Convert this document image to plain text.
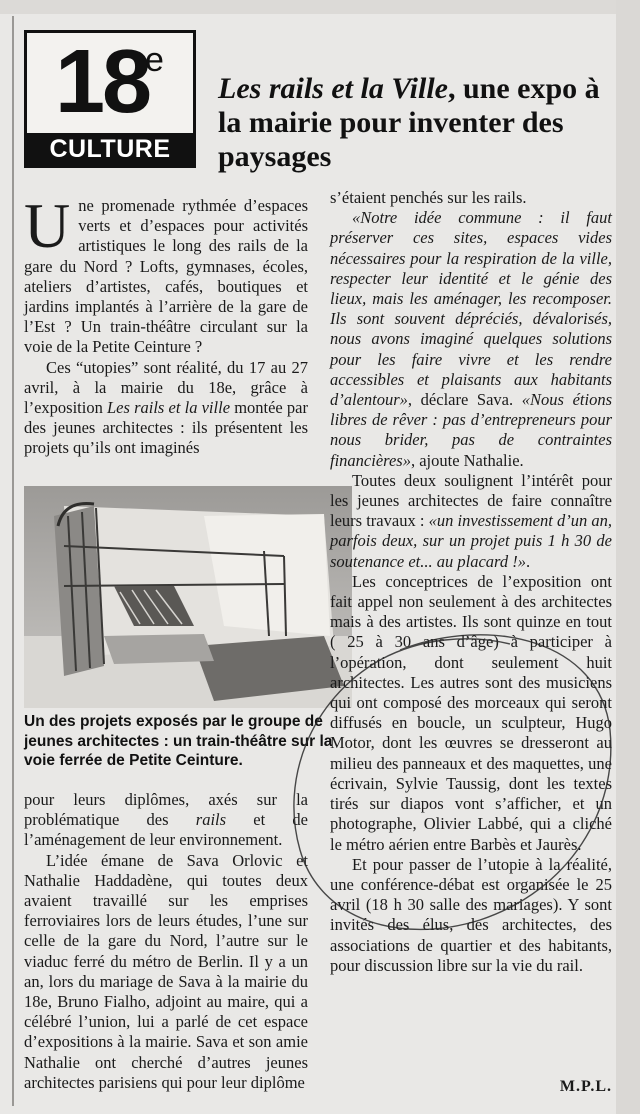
18
e
CULTURE
Les rails et la Ville, une expo à la mairie pour inventer des paysages

Une promenade rythmée d’espaces verts et d’espaces pour activités artistiques le long des rails de la gare du Nord ? Lofts, gymnases, écoles, ateliers d’artistes, cafés, boutiques et jardins implantés à l’arrière de la gare de l’Est ? Un train-théâtre circulant sur la voie de la Petite Ceinture ?

Ces “utopies” sont réalité, du 17 au 27 avril, à la mairie du 18e, grâce à l’exposition Les rails et la ville montée par des jeunes architectes : ils présentent les projets qu’ils ont imaginés

Un des projets exposés par le groupe de jeunes architectes : un train-théâtre sur la voie ferrée de Petite Ceinture.

pour leurs diplômes, axés sur la problématique des rails et de l’aménagement de leur environnement.

L’idée émane de Sava Orlovic et Nathalie Haddadène, qui toutes deux avaient travaillé sur les emprises ferroviaires lors de leurs études, l’une sur celle de la gare du Nord, l’autre sur le viaduc ferré du métro de Berlin. Il y a un an, lors du mariage de Sava à la mairie du 18e, Bruno Fialho, adjoint au maire, qui a célébré l’union, lui a parlé de cet espace d’expositions à la mairie. Sava et son amie Nathalie ont cherché d’autres jeunes architectes parisiens qui pour leur diplôme

s’étaient penchés sur les rails.

«Notre idée commune : il faut préserver ces sites, espaces vides nécessaires pour la respiration de la ville, respecter leur identité et le génie des lieux, mais les aménager, les recomposer. Ils sont souvent dépréciés, dévalorisés, nous avons imaginé quelques solutions pour les faire vivre et les rendre accessibles et plaisants aux habitants d’alentour», déclare Sava. «Nous étions libres de rêver : pas d’entrepreneurs pour nous brider, pas de contraintes financières», ajoute Nathalie.

Toutes deux soulignent l’intérêt pour les jeunes architectes de faire connaître leurs travaux : «un investissement d’un an, parfois deux, sur un projet puis 1 h 30 de soutenance et... au placard !».

Les conceptrices de l’exposition ont fait appel non seulement à des architectes mais à des artistes. Ils sont quinze en tout ( 25 à 30 ans d’âge) à participer à l’opération, dont seulement huit architectes. Les autres sont des musiciens qui ont composé des morceaux qui seront diffusés en boucle, un sculpteur, Hugo Motor, dont les œuvres se dresseront au milieu des panneaux et des maquettes, une écrivain, Sylvie Taussig, dont les textes tirés sur diapos vont s’afficher, et un photographe, Olivier Labbé, qui a cliché le métro aérien entre Barbès et Jaurès.

Et pour passer de l’utopie à la réalité, une conférence-débat est organisée le 25 avril (18 h 30 salle des mariages). Y sont invités des élus, des architectes, des associations de quartier et des habitants, pour discussion libre sur la vie du rail.

M.P.L.
